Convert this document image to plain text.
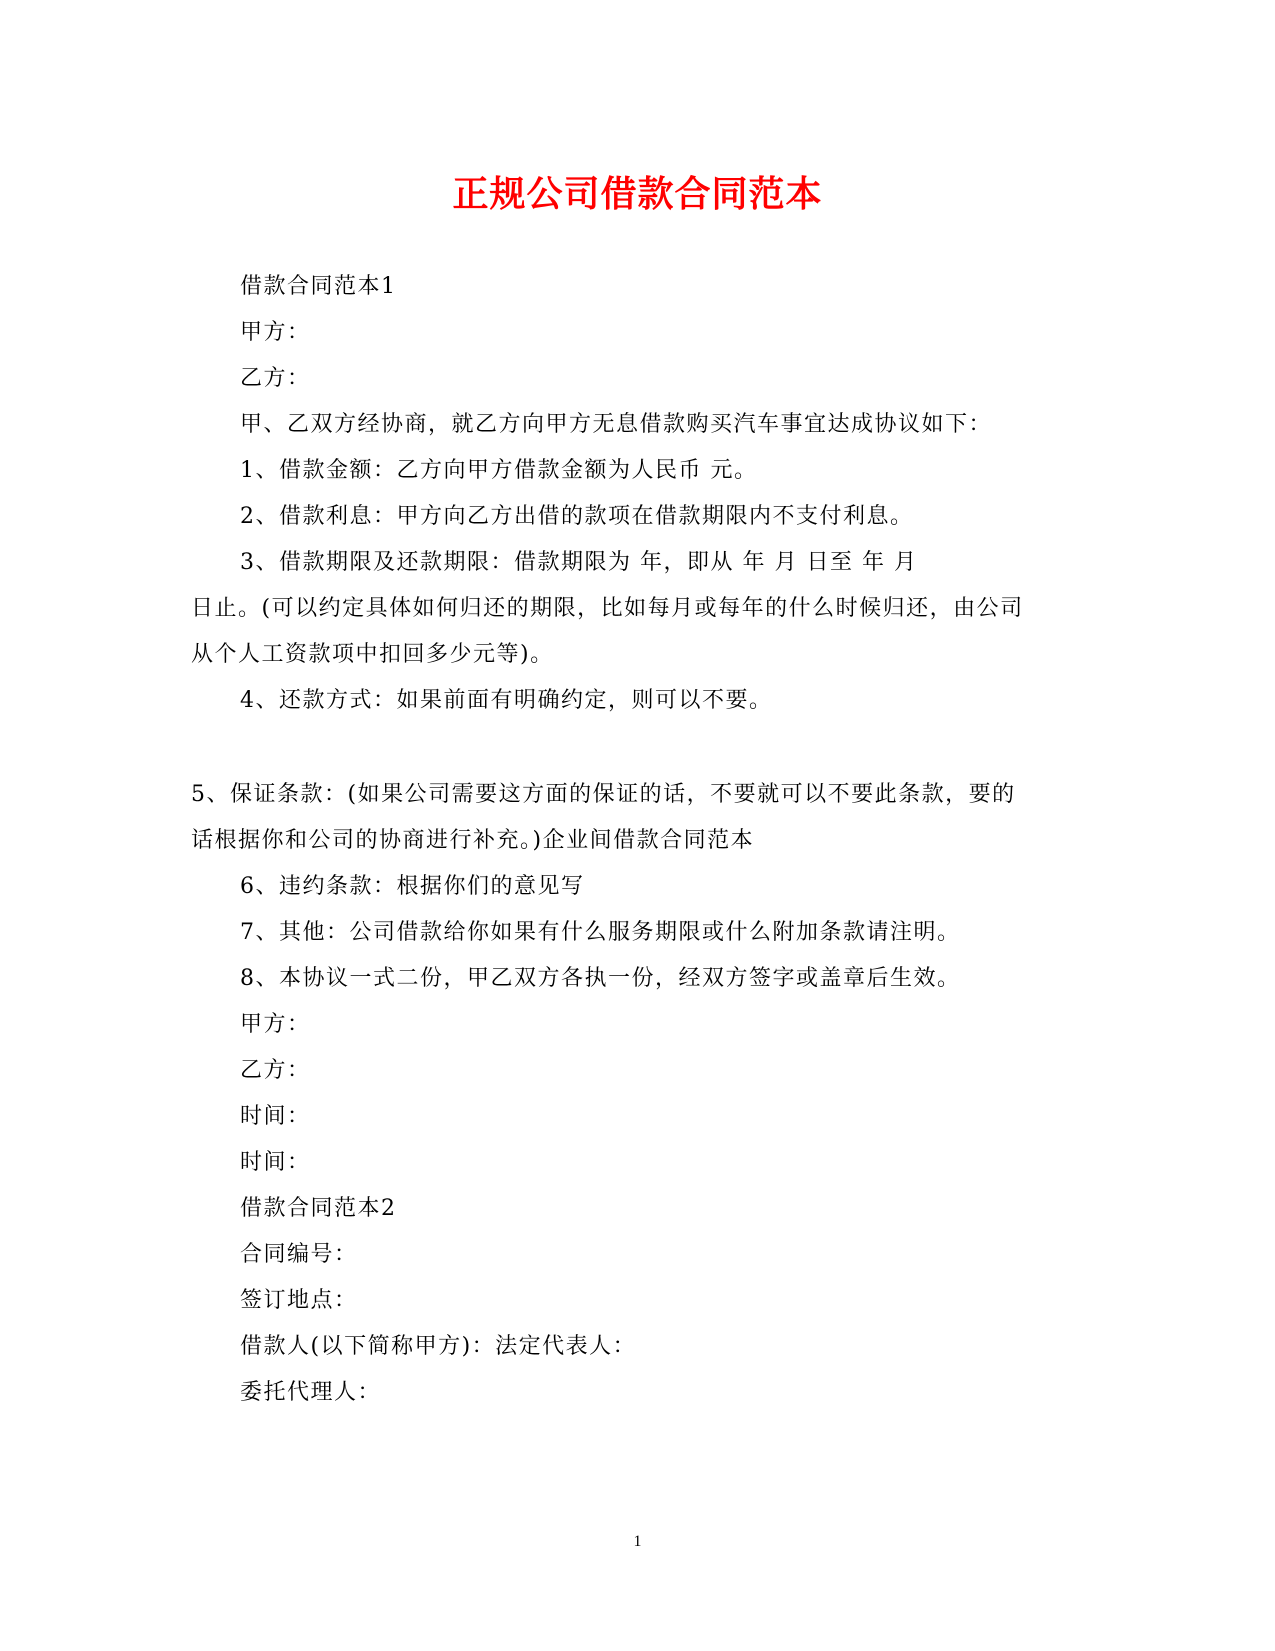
正规公司借款合同范本
借款合同范本1
甲方：
乙方：
甲、乙双方经协商，就乙方向甲方无息借款购买汽车事宜达成协议如下：
1、借款金额：乙方向甲方借款金额为人民币 元。
2、借款利息：甲方向乙方出借的款项在借款期限内不支付利息。
3、借款期限及还款期限：借款期限为 年，即从 年 月 日至 年 月
日止。(可以约定具体如何归还的期限，比如每月或每年的什么时候归还，由公司
从个人工资款项中扣回多少元等)。
4、还款方式：如果前面有明确约定，则可以不要。
5、保证条款：(如果公司需要这方面的保证的话，不要就可以不要此条款，要的
话根据你和公司的协商进行补充。)企业间借款合同范本
6、违约条款：根据你们的意见写
7、其他：公司借款给你如果有什么服务期限或什么附加条款请注明。
8、本协议一式二份，甲乙双方各执一份，经双方签字或盖章后生效。
甲方：
乙方：
时间：
时间：
借款合同范本2
合同编号：
签订地点：
借款人(以下简称甲方)：法定代表人：
委托代理人：
1
